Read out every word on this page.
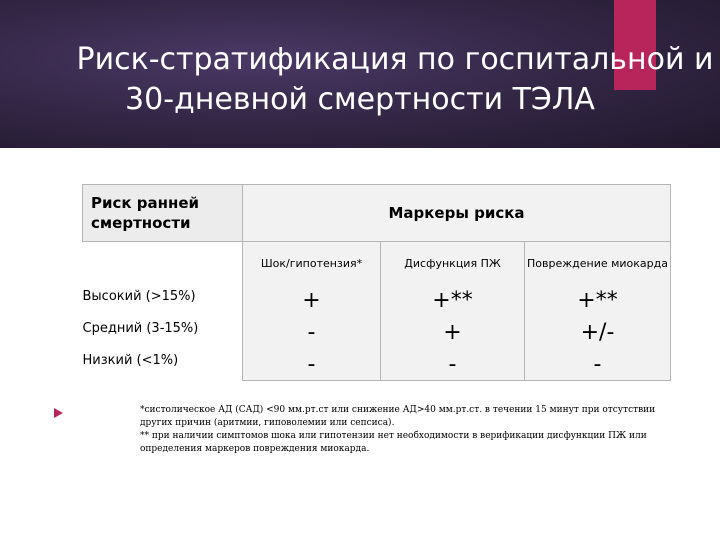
Риск-стратификация по госпитальной и
30-дневной смертности ТЭЛА
Риск ранней смертности	Маркеры риска		
	Шок/гипотензия*	Дисфункция ПЖ	Повреждение миокарда
Высокий (>15%)	+	+**	+**
Средний (3-15%)	-	+	+/-
Низкий (<1%)	-	-	-

*систолическое АД (САД) <90 мм.рт.ст или снижение АД>40 мм.рт.ст. в течении 15 минут при отсутствии других причин (аритмии, гиповолемии или сепсиса).

** при наличии симптомов шока или гипотензии нет необходимости в верификации дисфункции ПЖ или определения маркеров повреждения миокарда.
